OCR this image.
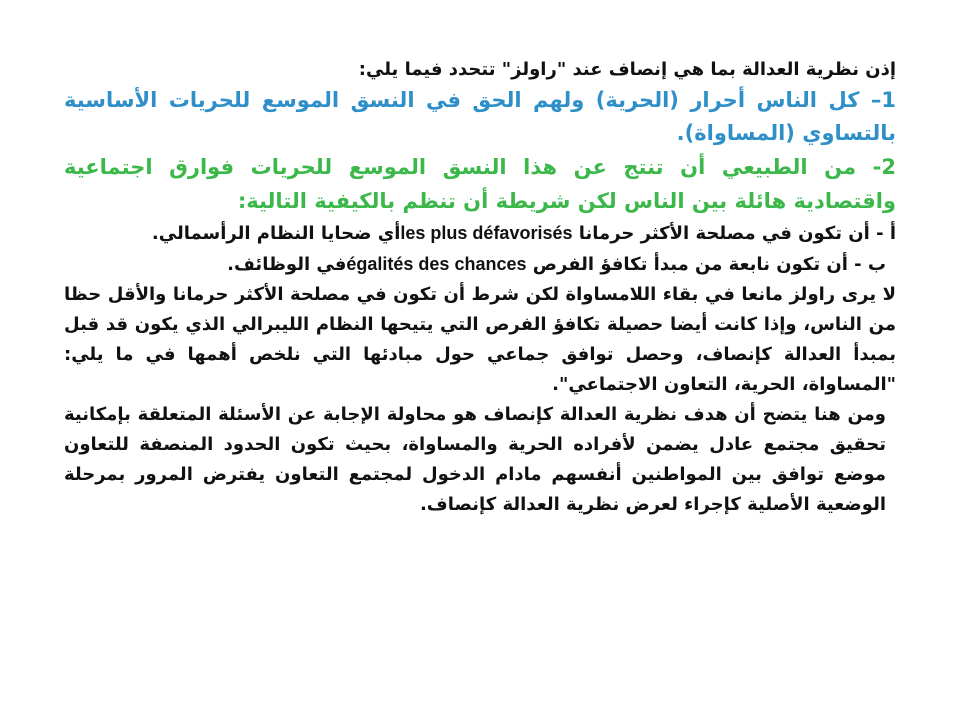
إذن نظرية العدالة بما هي إنصاف عند "راولز" تتحدد فيما يلي:

1– كل الناس أحرار (الحرية) ولهم الحق في النسق الموسع للحريات الأساسية بالتساوي (المساواة).

2- من الطبيعي أن تنتج عن هذا النسق الموسع للحريات فوارق اجتماعية واقتصادية هائلة بين الناس لكن شريطة أن تنظم بالكيفية التالية:

أ - أن تكون في مصلحة الأكثر حرمانا les plus défavorisésأي ضحايا النظام الرأسمالي.

ب - أن تكون نابعة من مبدأ تكافؤ الفرص égalités des chancesفي الوظائف.

لا يرى راولز مانعا في بقاء اللامساواة لكن شرط أن تكون في مصلحة الأكثر حرمانا والأقل حظا من الناس، وإذا كانت أيضا حصيلة تكافؤ الفرص التي يتيحها النظام الليبرالي الذي يكون قد قبل بمبدأ العدالة كإنصاف، وحصل توافق جماعي حول مبادئها التي نلخص أهمها في ما يلي: "المساواة، الحرية، التعاون الاجتماعي".

ومن هنا يتضح أن هدف نظرية العدالة كإنصاف هو محاولة الإجابة عن الأسئلة المتعلقة بإمكانية تحقيق مجتمع عادل يضمن لأفراده الحرية والمساواة، بحيث تكون الحدود المنصفة للتعاون موضع توافق بين المواطنين أنفسهم مادام الدخول لمجتمع التعاون يفترض المرور بمرحلة الوضعية الأصلية كإجراء لعرض نظرية العدالة كإنصاف.
